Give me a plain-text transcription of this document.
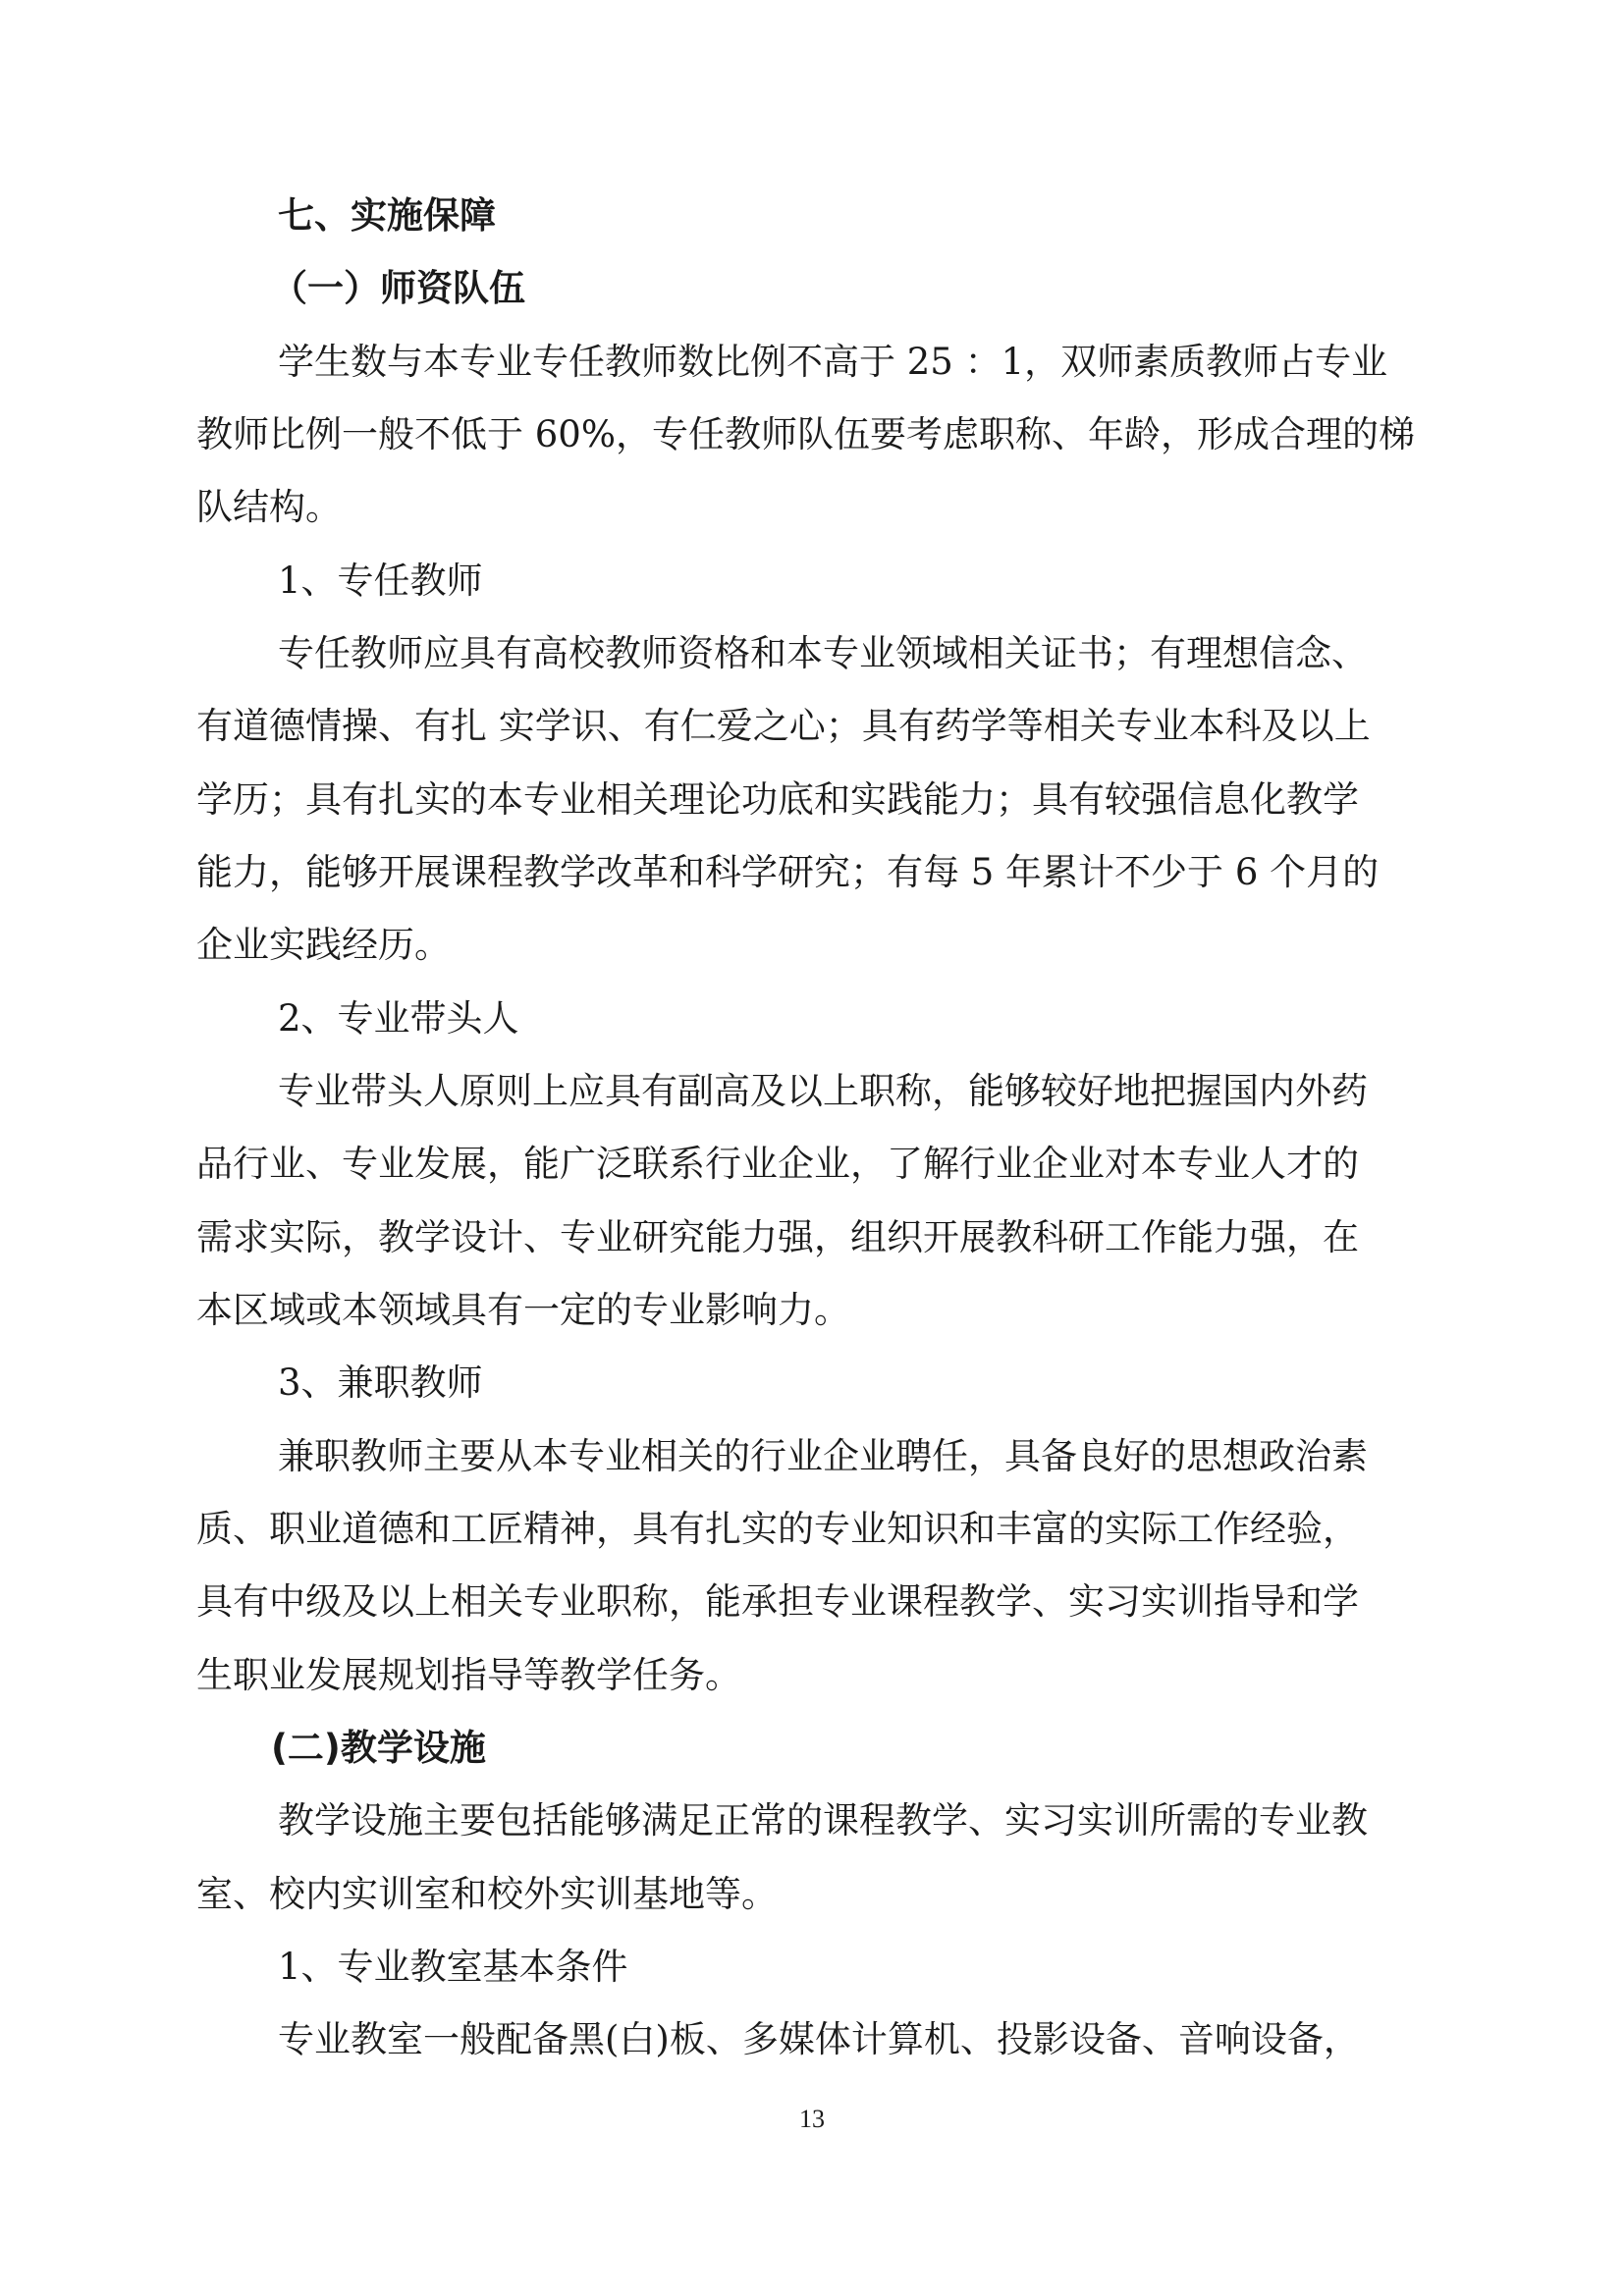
七、实施保障
（一）师资队伍
学生数与本专业专任教师数比例不高于 25 ：1，双师素质教师占专业
教师比例一般不低于 60%，专任教师队伍要考虑职称、年龄，形成合理的梯
队结构。
1、专任教师
专任教师应具有高校教师资格和本专业领域相关证书；有理想信念、
有道德情操、有扎 实学识、有仁爱之心；具有药学等相关专业本科及以上
学历；具有扎实的本专业相关理论功底和实践能力；具有较强信息化教学
能力，能够开展课程教学改革和科学研究；有每 5 年累计不少于 6 个月的
企业实践经历。
2、专业带头人
专业带头人原则上应具有副高及以上职称，能够较好地把握国内外药
品行业、专业发展，能广泛联系行业企业，了解行业企业对本专业人才的
需求实际，教学设计、专业研究能力强，组织开展教科研工作能力强，在
本区域或本领域具有一定的专业影响力。
3、兼职教师
兼职教师主要从本专业相关的行业企业聘任，具备良好的思想政治素
质、职业道德和工匠精神，具有扎实的专业知识和丰富的实际工作经验，
具有中级及以上相关专业职称，能承担专业课程教学、实习实训指导和学
生职业发展规划指导等教学任务。
(二)教学设施
教学设施主要包括能够满足正常的课程教学、实习实训所需的专业教
室、校内实训室和校外实训基地等。
1、专业教室基本条件
专业教室一般配备黑(白)板、多媒体计算机、投影设备、音响设备，
13
